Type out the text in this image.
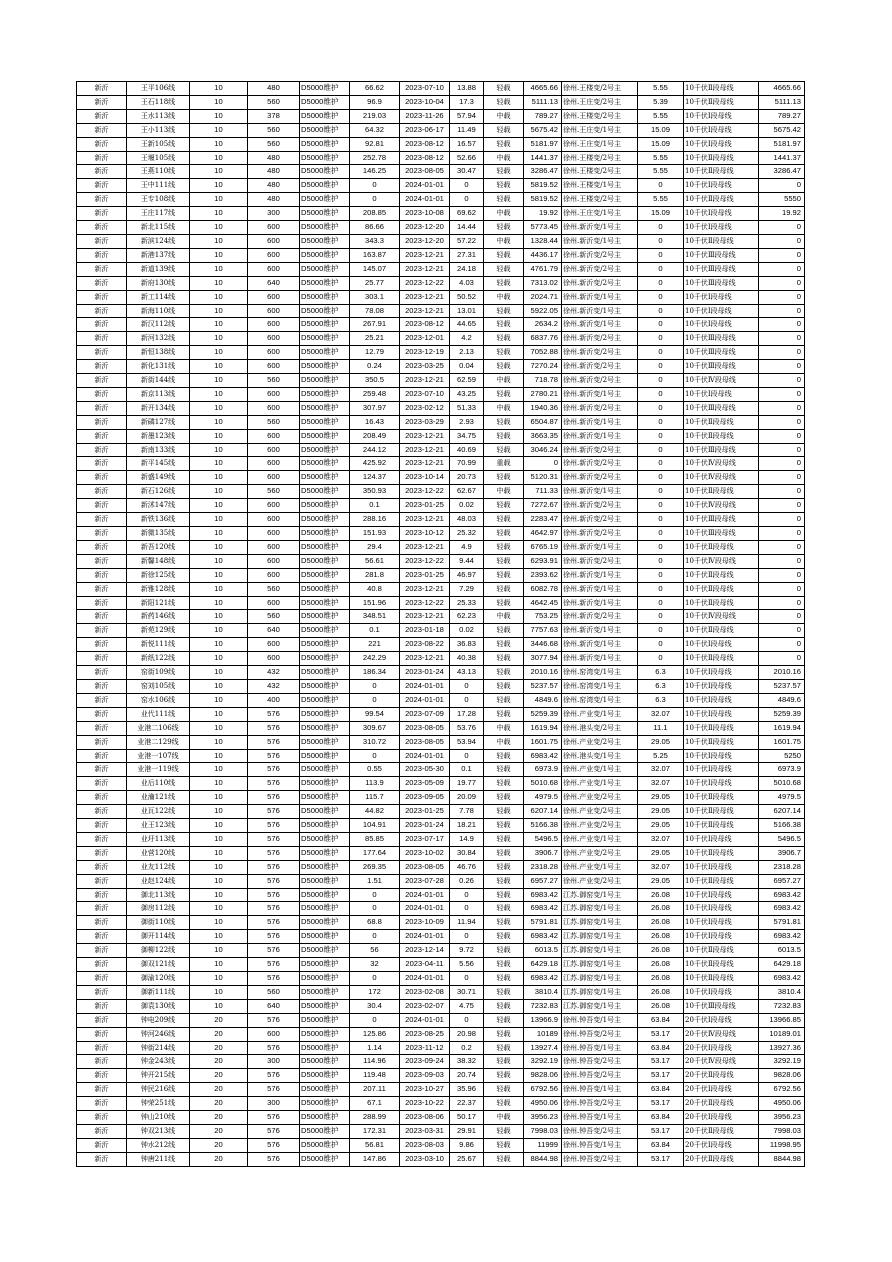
新沂	王平106线	10	480	D5000维护	66.62	2023-07-10	13.88	轻载	4665.66	徐州.王楼变/2号主	5.55	10千伏Ⅱ段母线	4665.66
新沂	王石118线	10	560	D5000维护	96.9	2023-10-04	17.3	轻载	5111.13	徐州.王庄变/2号主	5.39	10千伏Ⅱ段母线	5111.13
新沂	王水113线	10	378	D5000维护	219.03	2023-11-26	57.94	中载	789.27	徐州.王楼变/2号主	5.55	10千伏Ⅰ段母线	789.27
新沂	王小113线	10	560	D5000维护	64.32	2023-06-17	11.49	轻载	5675.42	徐州.王庄变/1号主	15.09	10千伏Ⅰ段母线	5675.42
新沂	王新105线	10	560	D5000维护	92.81	2023-08-12	16.57	轻载	5181.97	徐州.王庄变/1号主	15.09	10千伏Ⅰ段母线	5181.97
新沂	王堰105线	10	480	D5000维护	252.78	2023-08-12	52.66	中载	1441.37	徐州.王楼变/2号主	5.55	10千伏Ⅱ段母线	1441.37
新沂	王燕110线	10	480	D5000维护	146.25	2023-08-05	30.47	轻载	3286.47	徐州.王楼变/2号主	5.55	10千伏Ⅱ段母线	3286.47
新沂	王中111线	10	480	D5000维护	0	2024-01-01	0	轻载	5819.52	徐州.王楼变/1号主	0	10千伏Ⅰ段母线	0
新沂	王专108线	10	480	D5000维护	0	2024-01-01	0	轻载	5819.52	徐州.王楼变/2号主	5.55	10千伏Ⅱ段母线	5550
新沂	王庄117线	10	300	D5000维护	208.85	2023-10-08	69.62	中载	19.92	徐州.王庄变/1号主	15.09	10千伏Ⅰ段母线	19.92
新沂	新北115线	10	600	D5000维护	86.66	2023-12-20	14.44	轻载	5773.45	徐州.新沂变/1号主	0	10千伏Ⅰ段母线	0
新沂	新滨124线	10	600	D5000维护	343.3	2023-12-20	57.22	中载	1328.44	徐州.新沂变/1号主	0	10千伏Ⅱ段母线	0
新沂	新港137线	10	600	D5000维护	163.87	2023-12-21	27.31	轻载	4436.17	徐州.新沂变/2号主	0	10千伏Ⅲ段母线	0
新沂	新道139线	10	600	D5000维护	145.07	2023-12-21	24.18	轻载	4761.79	徐州.新沂变/2号主	0	10千伏Ⅲ段母线	0
新沂	新府130线	10	640	D5000维护	25.77	2023-12-22	4.03	轻载	7313.02	徐州.新沂变/2号主	0	10千伏Ⅲ段母线	0
新沂	新工114线	10	600	D5000维护	303.1	2023-12-21	50.52	中载	2024.71	徐州.新沂变/1号主	0	10千伏Ⅰ段母线	0
新沂	新海110线	10	600	D5000维护	78.08	2023-12-21	13.01	轻载	5922.05	徐州.新沂变/1号主	0	10千伏Ⅰ段母线	0
新沂	新汉112线	10	600	D5000维护	267.91	2023-08-12	44.65	轻载	2634.2	徐州.新沂变/1号主	0	10千伏Ⅰ段母线	0
新沂	新河132线	10	600	D5000维护	25.21	2023-12-01	4.2	轻载	6837.76	徐州.新沂变/2号主	0	10千伏Ⅲ段母线	0
新沂	新恒138线	10	600	D5000维护	12.79	2023-12-19	2.13	轻载	7052.88	徐州.新沂变/2号主	0	10千伏Ⅲ段母线	0
新沂	新化131线	10	600	D5000维护	0.24	2023-03-25	0.04	轻载	7270.24	徐州.新沂变/2号主	0	10千伏Ⅲ段母线	0
新沂	新街144线	10	560	D5000维护	350.5	2023-12-21	62.59	中载	718.78	徐州.新沂变/2号主	0	10千伏Ⅳ段母线	0
新沂	新京113线	10	600	D5000维护	259.48	2023-07-10	43.25	轻载	2780.21	徐州.新沂变/1号主	0	10千伏Ⅰ段母线	0
新沂	新开134线	10	600	D5000维护	307.97	2023-02-12	51.33	中载	1940.36	徐州.新沂变/2号主	0	10千伏Ⅲ段母线	0
新沂	新磷127线	10	560	D5000维护	16.43	2023-03-29	2.93	轻载	6504.87	徐州.新沂变/1号主	0	10千伏Ⅱ段母线	0
新沂	新墨123线	10	600	D5000维护	208.49	2023-12-21	34.75	轻载	3663.35	徐州.新沂变/1号主	0	10千伏Ⅱ段母线	0
新沂	新南133线	10	600	D5000维护	244.12	2023-12-21	40.69	轻载	3046.24	徐州.新沂变/2号主	0	10千伏Ⅲ段母线	0
新沂	新平145线	10	600	D5000维护	425.92	2023-12-21	70.99	重载	0	徐州.新沂变/2号主	0	10千伏Ⅳ段母线	0
新沂	新盛149线	10	600	D5000维护	124.37	2023-10-14	20.73	轻载	5120.31	徐州.新沂变/2号主	0	10千伏Ⅳ段母线	0
新沂	新石126线	10	560	D5000维护	350.93	2023-12-22	62.67	中载	711.33	徐州.新沂变/1号主	0	10千伏Ⅱ段母线	0
新沂	新沭147线	10	600	D5000维护	0.1	2023-01-25	0.02	轻载	7272.67	徐州.新沂变/2号主	0	10千伏Ⅳ段母线	0
新沂	新铁136线	10	600	D5000维护	288.16	2023-12-21	48.03	轻载	2283.47	徐州.新沂变/2号主	0	10千伏Ⅲ段母线	0
新沂	新微135线	10	600	D5000维护	151.93	2023-10-12	25.32	轻载	4642.97	徐州.新沂变/2号主	0	10千伏Ⅲ段母线	0
新沂	新吾120线	10	600	D5000维护	29.4	2023-12-21	4.9	轻载	6765.19	徐州.新沂变/1号主	0	10千伏Ⅱ段母线	0
新沂	新馨148线	10	600	D5000维护	56.61	2023-12-22	9.44	轻载	6293.91	徐州.新沂变/2号主	0	10千伏Ⅳ段母线	0
新沂	新徐125线	10	600	D5000维护	281.8	2023-01-25	46.97	轻载	2393.62	徐州.新沂变/1号主	0	10千伏Ⅱ段母线	0
新沂	新雅128线	10	560	D5000维护	40.8	2023-12-21	7.29	轻载	6082.78	徐州.新沂变/1号主	0	10千伏Ⅱ段母线	0
新沂	新阳121线	10	600	D5000维护	151.96	2023-12-22	25.33	轻载	4642.45	徐州.新沂变/1号主	0	10千伏Ⅱ段母线	0
新沂	新药146线	10	560	D5000维护	348.51	2023-12-21	62.23	中载	753.25	徐州.新沂变/2号主	0	10千伏Ⅳ段母线	0
新沂	新苑129线	10	640	D5000维护	0.1	2023-01-18	0.02	轻载	7757.63	徐州.新沂变/1号主	0	10千伏Ⅱ段母线	0
新沂	新悦111线	10	600	D5000维护	221	2023-08-22	36.83	轻载	3446.68	徐州.新沂变/1号主	0	10千伏Ⅰ段母线	0
新沂	新纸122线	10	600	D5000维护	242.29	2023-12-21	40.38	轻载	3077.94	徐州.新沂变/1号主	0	10千伏Ⅱ段母线	0
新沂	窑街109线	10	432	D5000维护	186.34	2023-01-24	43.13	轻载	2010.16	徐州.窑湾变/1号主	6.3	10千伏Ⅰ段母线	2010.16
新沂	窑刘105线	10	432	D5000维护	0	2024-01-01	0	轻载	5237.57	徐州.窑湾变/1号主	6.3	10千伏Ⅰ段母线	5237.57
新沂	窑水106线	10	400	D5000维护	0	2024-01-01	0	轻载	4849.6	徐州.窑湾变/1号主	6.3	10千伏Ⅰ段母线	4849.6
新沂	业代111线	10	576	D5000维护	99.54	2023-07-09	17.28	轻载	5259.39	徐州.产业变/1号主	32.07	10千伏Ⅰ段母线	5259.39
新沂	业港二106线	10	576	D5000维护	309.67	2023-08-05	53.76	中载	1619.94	徐州.港头变/2号主	11.1	10千伏Ⅱ段母线	1619.94
新沂	业港二129线	10	576	D5000维护	310.72	2023-08-05	53.94	中载	1601.75	徐州.产业变/2号主	29.05	10千伏Ⅱ段母线	1601.75
新沂	业港一107线	10	576	D5000维护	0	2024-01-01	0	轻载	6983.42	徐州.港头变/1号主	5.25	10千伏Ⅰ段母线	5250
新沂	业港一119线	10	576	D5000维护	0.55	2023-05-30	0.1	轻载	6973.9	徐州.产业变/1号主	32.07	10千伏Ⅰ段母线	6973.9
新沂	业后110线	10	576	D5000维护	113.9	2023-05-09	19.77	轻载	5010.68	徐州.产业变/1号主	32.07	10千伏Ⅰ段母线	5010.68
新沂	业瀹121线	10	576	D5000维护	115.7	2023-09-05	20.09	轻载	4979.5	徐州.产业变/2号主	29.05	10千伏Ⅱ段母线	4979.5
新沂	业瓦122线	10	576	D5000维护	44.82	2023-01-25	7.78	轻载	6207.14	徐州.产业变/2号主	29.05	10千伏Ⅱ段母线	6207.14
新沂	业王123线	10	576	D5000维护	104.91	2023-01-24	18.21	轻载	5166.38	徐州.产业变/2号主	29.05	10千伏Ⅱ段母线	5166.38
新沂	业圩113线	10	576	D5000维护	85.85	2023-07-17	14.9	轻载	5496.5	徐州.产业变/1号主	32.07	10千伏Ⅰ段母线	5496.5
新沂	业营120线	10	576	D5000维护	177.64	2023-10-02	30.84	轻载	3906.7	徐州.产业变/2号主	29.05	10千伏Ⅱ段母线	3906.7
新沂	业友112线	10	576	D5000维护	269.35	2023-08-05	46.76	轻载	2318.28	徐州.产业变/1号主	32.07	10千伏Ⅰ段母线	2318.28
新沂	业赵124线	10	576	D5000维护	1.51	2023-07-28	0.26	轻载	6957.27	徐州.产业变/2号主	29.05	10千伏Ⅱ段母线	6957.27
新沂	御北113线	10	576	D5000维护	0	2024-01-01	0	轻载	6983.42	江苏.御窑变/1号主	26.08	10千伏Ⅰ段母线	6983.42
新沂	御房112线	10	576	D5000维护	0	2024-01-01	0	轻载	6983.42	江苏.御窑变/1号主	26.08	10千伏Ⅰ段母线	6983.42
新沂	御街110线	10	576	D5000维护	68.8	2023-10-09	11.94	轻载	5791.81	江苏.御窑变/1号主	26.08	10千伏Ⅰ段母线	5791.81
新沂	御开114线	10	576	D5000维护	0	2024-01-01	0	轻载	6983.42	江苏.御窑变/1号主	26.08	10千伏Ⅰ段母线	6983.42
新沂	御柳122线	10	576	D5000维护	56	2023-12-14	9.72	轻载	6013.5	江苏.御窑变/1号主	26.08	10千伏Ⅱ段母线	6013.5
新沂	御双121线	10	576	D5000维护	32	2023-04-11	5.56	轻载	6429.18	江苏.御窑变/1号主	26.08	10千伏Ⅱ段母线	6429.18
新沂	御渝120线	10	576	D5000维护	0	2024-01-01	0	轻载	6983.42	江苏.御窑变/1号主	26.08	10千伏Ⅱ段母线	6983.42
新沂	御新111线	10	560	D5000维护	172	2023-02-08	30.71	轻载	3810.4	江苏.御窑变/1号主	26.08	10千伏Ⅰ段母线	3810.4
新沂	御袁130线	10	640	D5000维护	30.4	2023-02-07	4.75	轻载	7232.83	江苏.御窑变/1号主	26.08	10千伏Ⅲ段母线	7232.83
新沂	钟电209线	20	576	D5000维护	0	2024-01-01	0	轻载	13966.9	徐州.钟吾变/1号主	63.84	20千伏Ⅰ段母线	13966.85
新沂	钟河246线	20	600	D5000维护	125.86	2023-08-25	20.98	轻载	10189	徐州.钟吾变/2号主	53.17	20千伏Ⅳ段母线	10189.01
新沂	钟街214线	20	576	D5000维护	1.14	2023-11-12	0.2	轻载	13927.4	徐州.钟吾变/1号主	63.84	20千伏Ⅰ段母线	13927.36
新沂	钟金243线	20	300	D5000维护	114.96	2023-09-24	38.32	轻载	3292.19	徐州.钟吾变/2号主	53.17	20千伏Ⅳ段母线	3292.19
新沂	钟开215线	20	576	D5000维护	119.48	2023-09-03	20.74	轻载	9828.06	徐州.钟吾变/2号主	53.17	20千伏Ⅱ段母线	9828.06
新沂	钟民216线	20	576	D5000维护	207.11	2023-10-27	35.96	轻载	6792.56	徐州.钟吾变/1号主	63.84	20千伏Ⅰ段母线	6792.56
新沂	钟荣251线	20	300	D5000维护	67.1	2023-10-22	22.37	轻载	4950.06	徐州.钟吾变/2号主	53.17	20千伏Ⅱ段母线	4950.06
新沂	钟山210线	20	576	D5000维护	288.99	2023-08-06	50.17	中载	3956.23	徐州.钟吾变/1号主	63.84	20千伏Ⅰ段母线	3956.23
新沂	钟双213线	20	576	D5000维护	172.31	2023-03-31	29.91	轻载	7998.03	徐州.钟吾变/2号主	53.17	20千伏Ⅱ段母线	7998.03
新沂	钟水212线	20	576	D5000维护	56.81	2023-08-03	9.86	轻载	11999	徐州.钟吾变/1号主	63.84	20千伏Ⅰ段母线	11998.95
新沂	钟唐211线	20	576	D5000维护	147.86	2023-03-10	25.67	轻载	8844.98	徐州.钟吾变/2号主	53.17	20千伏Ⅱ段母线	8844.98
